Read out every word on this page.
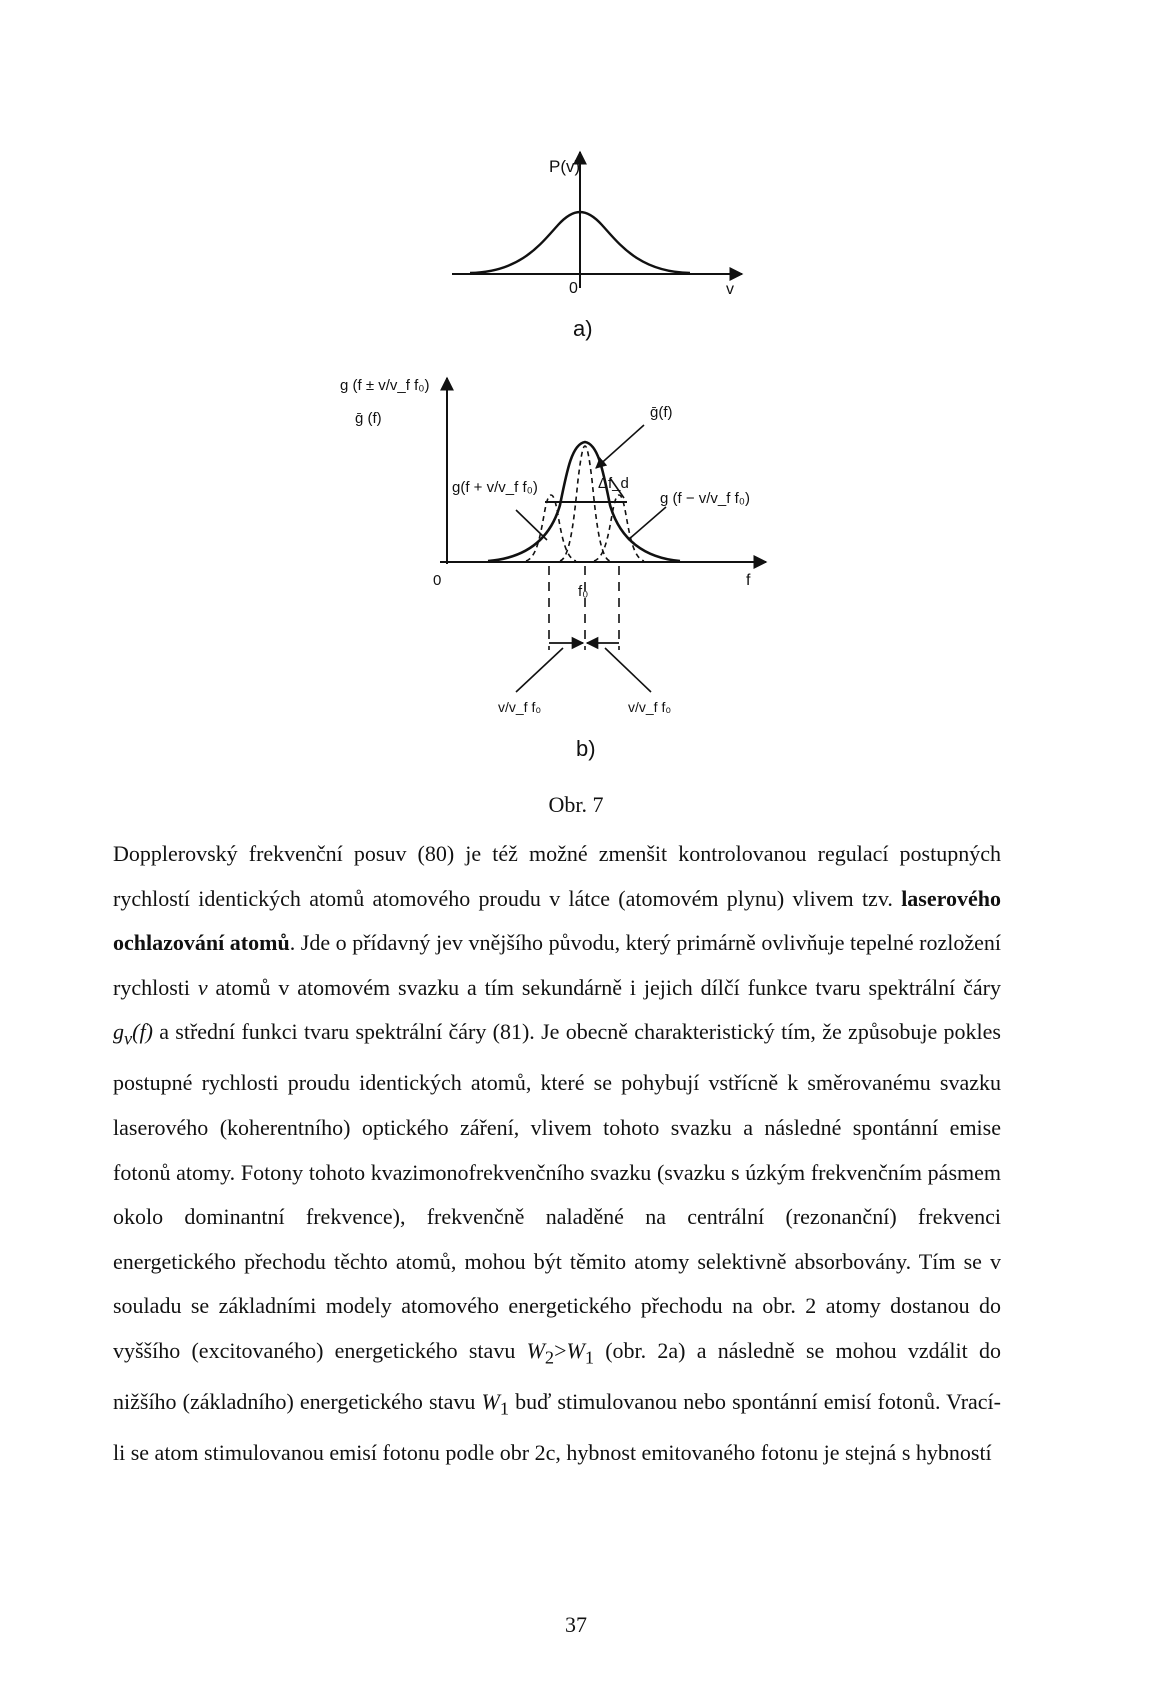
P(v)
0	v
a)
g (f ± v/v_f f₀)
ḡ (f)	ḡ(f)
g(f + v/v_f f₀)
g (f − v/v_f f₀)
Δf_d
0	f
f₀
v/v_f f₀	v/v_f f₀
b)
Obr. 7

Dopplerovský frekvenční posuv (80) je též možné zmenšit kontrolovanou regulací postupných rychlostí identických atomů atomového proudu v látce (atomovém plynu) vlivem tzv. laserového ochlazování atomů. Jde o přídavný jev vnějšího původu, který primárně ovlivňuje tepelné rozložení rychlosti v atomů v atomovém svazku a tím sekundárně i jejich dílčí funkce tvaru spektrální čáry $g_v(f)$ a střední funkci tvaru spektrální čáry (81). Je obecně charakteristický tím, že způsobuje pokles postupné rychlosti proudu identických atomů, které se pohybují vstřícně k směrovanému svazku laserového (koherentního) optického záření, vlivem tohoto svazku a následné spontánní emise fotonů atomy. Fotony tohoto kvazimonofrekvenčního svazku (svazku s úzkým frekvenčním pásmem okolo dominantní frekvence), frekvenčně naladěné na centrální (rezonanční) frekvenci energetického přechodu těchto atomů, mohou být těmito atomy selektivně absorbovány. Tím se v souladu se základními modely atomového energetického přechodu na obr. 2 atomy dostanou do vyššího (excitovaného) energetického stavu $W_2>W_1$ (obr. 2a) a následně se mohou vzdálit do nižšího (základního) energetického stavu $W_1$ buď stimulovanou nebo spontánní emisí fotonů. Vrací-li se atom stimulovanou emisí fotonu podle obr 2c, hybnost emitovaného fotonu je stejná s hybností

37
